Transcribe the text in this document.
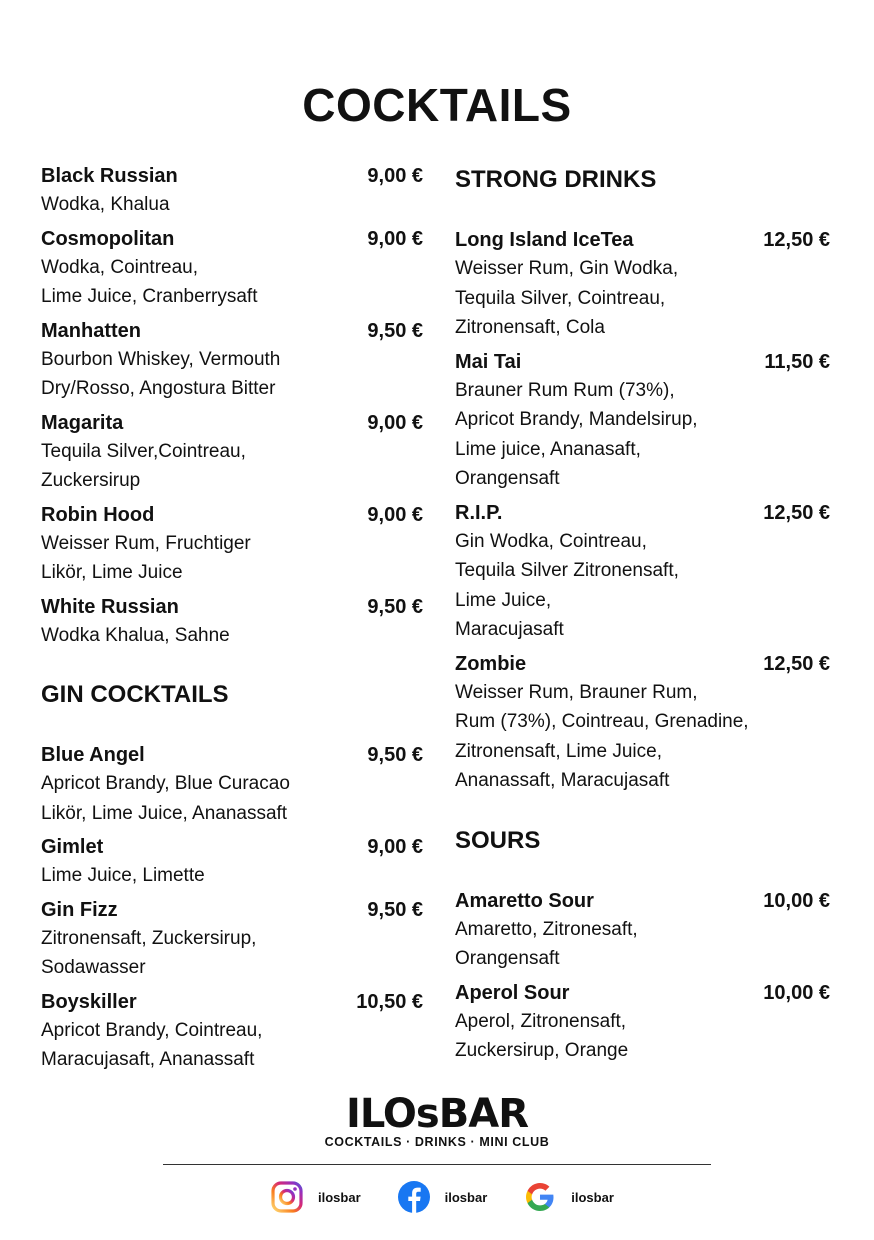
COCKTAILS
Black Russian	9,00 €
Wodka, Khalua
Cosmopolitan	9,00 €
Wodka, Cointreau,
Lime Juice, Cranberrysaft
Manhatten	9,50 €
Bourbon Whiskey, Vermouth
Dry/Rosso, Angostura Bitter
Magarita	9,00 €
Tequila Silver,Cointreau,
Zuckersirup
Robin Hood	9,00 €
Weisser Rum, Fruchtiger
Likör, Lime Juice
White Russian	9,50 €
Wodka Khalua, Sahne
GIN COCKTAILS
Blue Angel	9,50 €
Apricot Brandy, Blue Curacao
Likör, Lime Juice, Ananassaft
Gimlet	9,00 €
Lime Juice, Limette
Gin Fizz	9,50 €
Zitronensaft, Zuckersirup,
Sodawasser
Boyskiller	10,50 €
Apricot Brandy, Cointreau,
Maracujasaft, Ananassaft
STRONG DRINKS
Long Island IceTea	12,50 €
Weisser Rum, Gin Wodka,
Tequila Silver, Cointreau,
Zitronensaft, Cola
Mai Tai	11,50 €
Brauner Rum Rum (73%),
Apricot Brandy, Mandelsirup,
Lime juice, Ananasaft,
Orangensaft
R.I.P.	12,50 €
Gin Wodka, Cointreau,
Tequila Silver Zitronensaft,
Lime Juice,
Maracujasaft
Zombie	12,50 €
Weisser Rum, Brauner Rum,
Rum (73%), Cointreau, Grenadine,
Zitronensaft, Lime Juice,
Ananassaft, Maracujasaft
SOURS
Amaretto Sour	10,00 €
Amaretto, Zitronesaft,
Orangensaft
Aperol Sour	10,00 €
Aperol, Zitronensaft,
Zuckersirup, Orange
ILOsBAR
COCKTAILS · DRINKS · MINI CLUB
ilosbar	ilosbar	ilosbar
